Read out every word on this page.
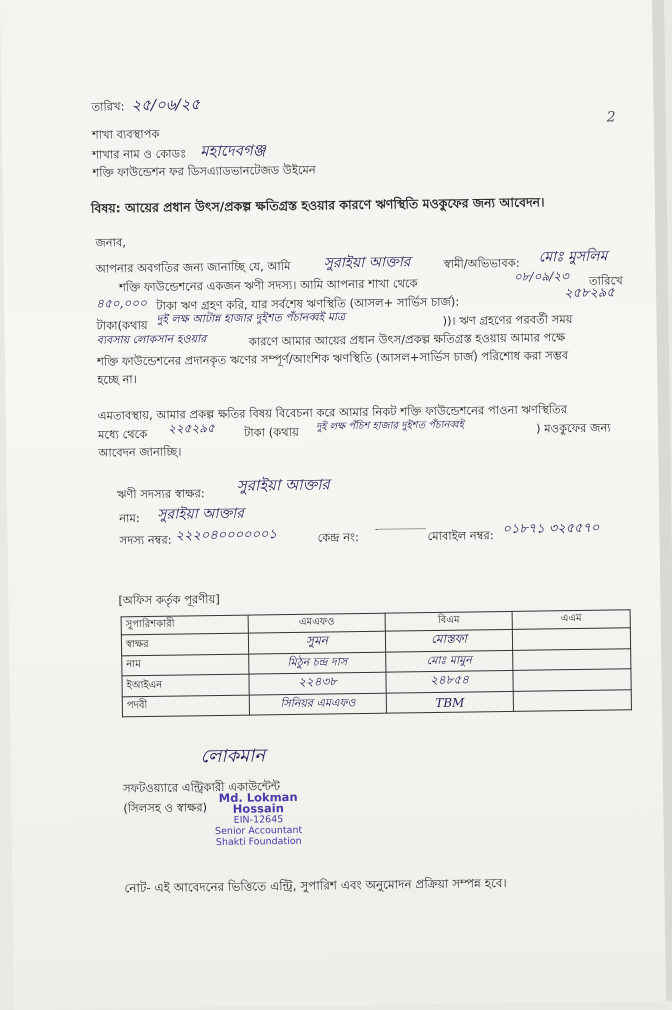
তারিখ: ২৫/০৬/২৫
2
শাখা ব্যবস্থাপক
শাখার নাম ও কোডঃ মহাদেবগঞ্জ
শক্তি ফাউন্ডেশন ফর ডিসএ্যাডভানটেজড উইমেন
বিষয়: আয়ের প্রধান উৎস/প্রকল্প ক্ষতিগ্রস্ত হওয়ার কারণে ঋণস্থিতি মওকুফের জন্য আবেদন।
জনাব,
আপনার অবগতির জন্য জানাচ্ছি যে, আমি সুরাইয়া আক্তার	স্বামী/অভিভাবক: মোঃ মুসলিম
শক্তি ফাউন্ডেশনের একজন ঋণী সদস্য। আমি আপনার শাখা থেকে	০৮/০৯/২৩ তারিখে
৪৫০,০০০ টাকা ঋণ গ্রহণ করি, যার সর্বশেষ ঋণস্থিতি (আসল+ সার্ভিস চার্জ):
২৫৮২৯৫
টাকা(কথায় দুই লক্ষ আটান্ন হাজার দুইশত পঁচানব্বই মাত্র	))। ঋণ গ্রহণের পরবর্তী সময়
ব্যবসায় লোকসান হওয়ার	কারণে আমার আয়ের প্রধান উৎস/প্রকল্প ক্ষতিগ্রস্ত হওয়ায় আমার পক্ষে
শক্তি ফাউন্ডেশনের প্রদানকৃত ঋণের সম্পূর্ণ/আংশিক ঋণস্থিতি (আসল+সার্ভিস চার্জ) পরিশোধ করা সম্ভব
হচ্ছে না।
এমতাবস্থায়, আমার প্রকল্প ক্ষতির বিষয় বিবেচনা করে আমার নিকট শক্তি ফাউন্ডেশনের পাওনা ঋণস্থিতির
মধ্যে থেকে ২২৫২৯৫	টাকা (কথায় দুই লক্ষ পঁচিশ হাজার দুইশত পঁচানব্বই	) মওকুফের জন্য
আবেদন জানাচ্ছি।
ঋণী সদস্যর স্বাক্ষর: সুরাইয়া আক্তার
নাম: সুরাইয়া আক্তার
সদস্য নম্বর: ২২২০৪০০০০০০১	কেন্দ্র নং:	মোবাইল নম্বর: ০১৮৭১ ৩২৫৫৭০
[অফিস কর্তৃক পূরণীয়]
সুপারিশকারী	এমএফও	বিএম	এএম
স্বাক্ষর	সুমন	মোস্তফা	
নাম	মিঠুন চন্দ্র দাস	মোঃ মামুন	
ইআইএন	২২৪৩৮	২৪৮৫৪	
পদবী	সিনিয়র এমএফও	TBM	
লোকমান
সফটওয়্যারে এন্ট্রিকারী একাউন্টেন্ট
(সিলসহ ও স্বাক্ষর)
Md. Lokman Hossain
EIN-12645
Senior Accountant
Shakti Foundation
নোট- এই আবেদনের ভিত্তিতে এন্ট্রি, সুপারিশ এবং অনুমোদন প্রক্রিয়া সম্পন্ন হবে।
